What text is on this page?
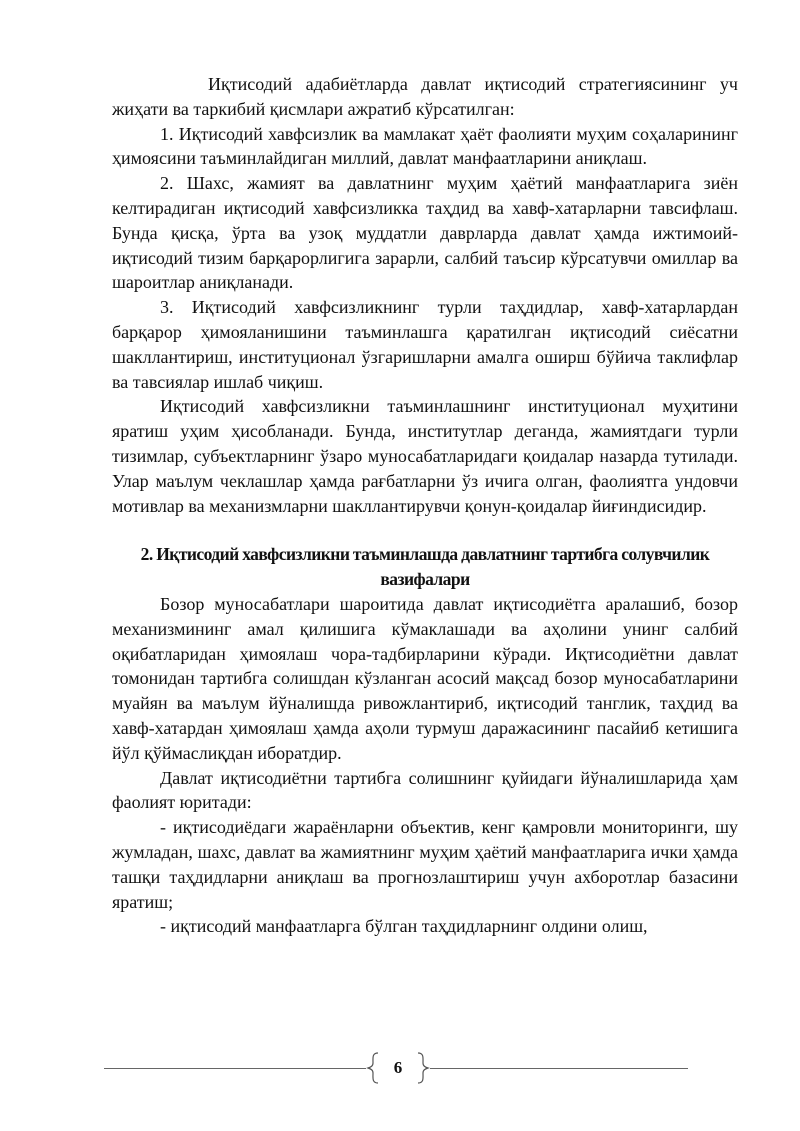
Иқтисодий адабиётларда давлат иқтисодий стратегиясининг уч жиҳати ва таркибий қисмлари ажратиб кўрсатилган:

1. Иқтисодий хавфсизлик ва мамлакат ҳаёт фаолияти муҳим соҳаларининг ҳимоясини таъминлайдиган миллий, давлат манфаатларини аниқлаш.

2. Шахс, жамият ва давлатнинг муҳим ҳаётий манфаатларига зиён келтирадиган иқтисодий хавфсизликка таҳдид ва хавф-хатарларни тавсифлаш. Бунда қисқа, ўрта ва узоқ муддатли даврларда давлат ҳамда ижтимоий-иқтисодий тизим барқарорлигига зарарли, салбий таъсир кўрсатувчи омиллар ва шароитлар аниқланади.

3. Иқтисодий хавфсизликнинг турли таҳдидлар, хавф-хатарлардан барқарор ҳимояланишини таъминлашга қаратилган иқтисодий сиёсатни шакллантириш, институционал ўзгаришларни амалга оширш бўйича таклифлар ва тавсиялар ишлаб чиқиш.

Иқтисодий хавфсизликни таъминлашнинг институционал муҳитини яратиш уҳим ҳисобланади. Бунда, институтлар деганда, жамиятдаги турли тизимлар, субъектларнинг ўзаро муносабатларидаги қоидалар назарда тутилади. Улар маълум чеклашлар ҳамда рағбатларни ўз ичига олган, фаолиятга ундовчи мотивлар ва механизмларни шакллантирувчи қонун-қоидалар йиғиндисидир.

2. Иқтисодий хавфсизликни таъминлашда давлатнинг тартибга солувчилик
вазифалари

Бозор муносабатлари шароитида давлат иқтисодиётга аралашиб, бозор механизмининг амал қилишига кўмаклашади ва аҳолини унинг салбий оқибатларидан ҳимоялаш чора-тадбирларини кўради. Иқтисодиётни давлат томонидан тартибга солишдан кўзланган асосий мақсад бозор муносабатларини муайян ва маълум йўналишда ривожлантириб, иқтисодий танглик, таҳдид ва хавф-хатардан ҳимоялаш ҳамда аҳоли турмуш даражасининг пасайиб кетишига йўл қўймаслиқдан иборатдир.

Давлат иқтисодиётни тартибга солишнинг қуйидаги йўналишларида ҳам фаолият юритади:

- иқтисодиёдаги жараёнларни объектив, кенг қамровли мониторинги, шу жумладан, шахс, давлат ва жамиятнинг муҳим ҳаётий манфаатларига ички ҳамда ташқи таҳдидларни аниқлаш ва прогнозлаштириш учун ахборотлар базасини яратиш;

- иқтисодий манфаатларга бўлган таҳдидларнинг олдини олиш,

6
